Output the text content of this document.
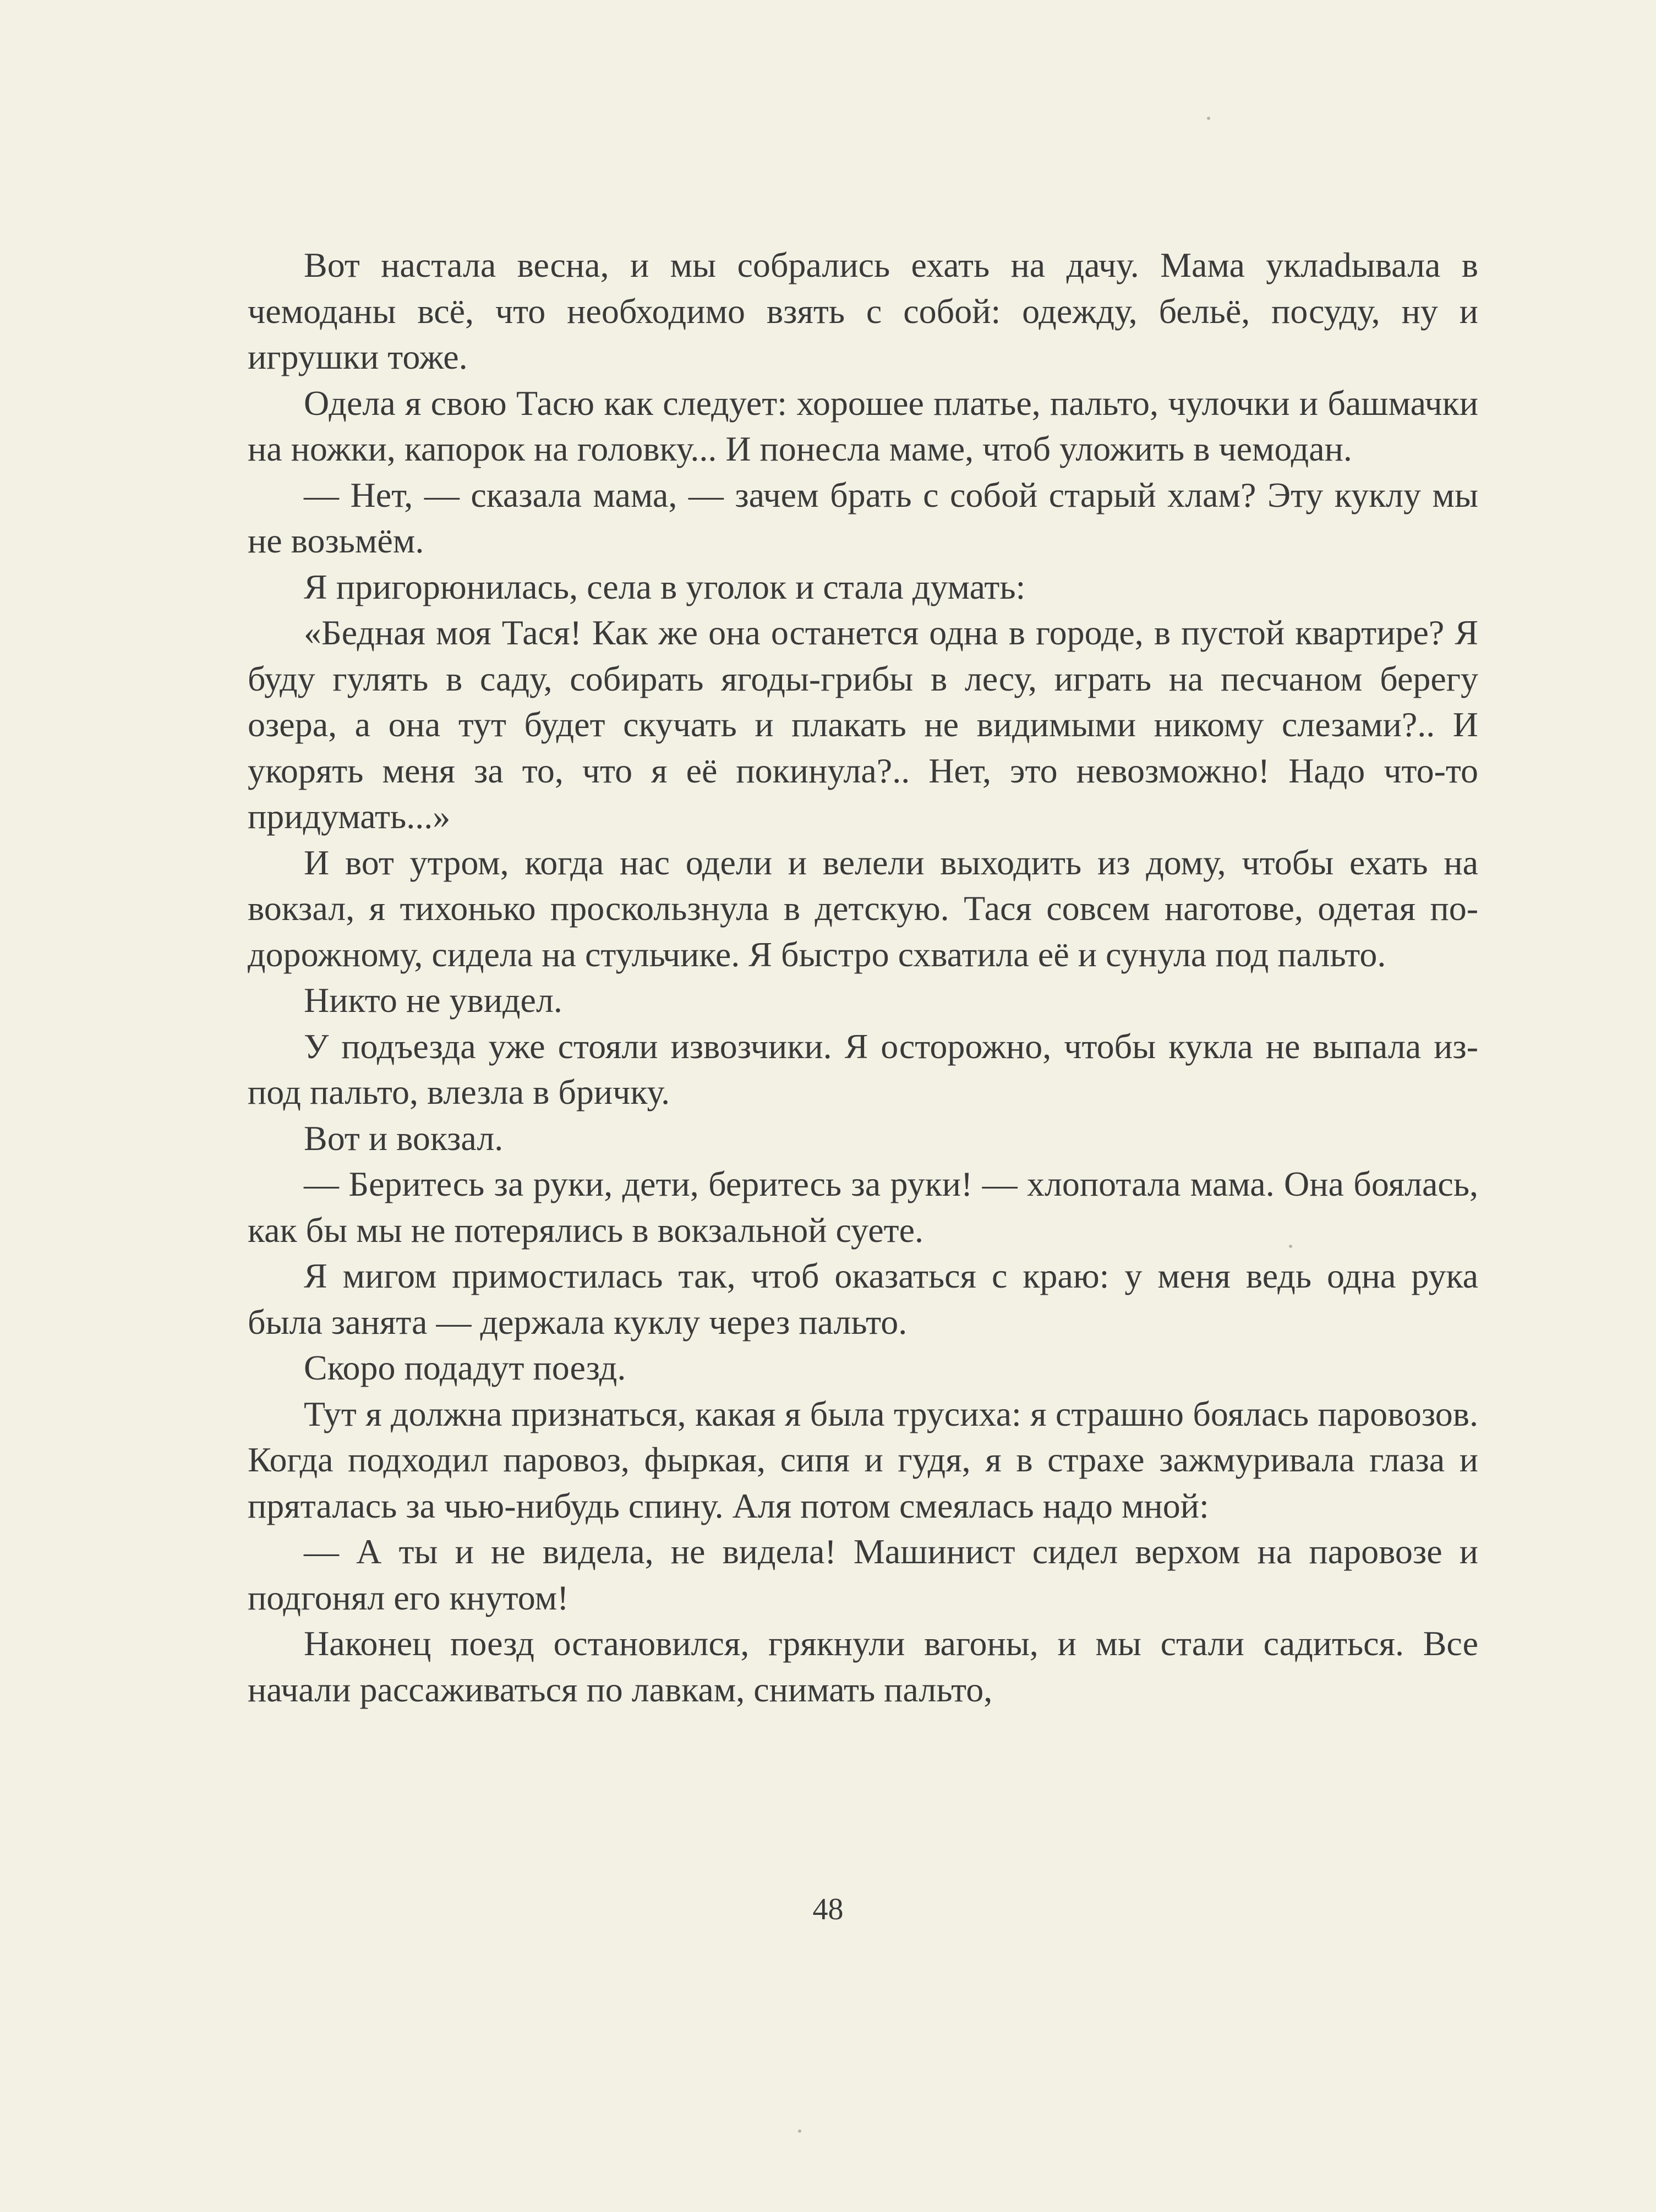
Вот настала весна, и мы собрались ехать на дачу. Мама уклаdывала в чемоданы всё, что необходимо взять с собой: одежду, бельё, посуду, ну и игрушки тоже.

Одела я свою Тасю как следует: хорошее платье, пальто, чулочки и башмачки на ножки, капорок на головку... И понесла маме, чтоб уложить в чемодан.

— Нет, — сказала мама, — зачем брать с собой старый хлам? Эту куклу мы не возьмём.

Я пригорюнилась, села в уголок и стала думать:

«Бедная моя Тася! Как же она останется одна в городе, в пустой квартире? Я буду гулять в саду, собирать ягоды-грибы в лесу, играть на песчаном берегу озера, а она тут будет скучать и плакать не видимыми никому слезами?.. И укорять меня за то, что я её покинула?.. Нет, это невозможно! Надо что-то придумать...»

И вот утром, когда нас одели и велели выходить из дому, чтобы ехать на вокзал, я тихонько проскользнула в детскую. Тася совсем наготове, одетая по-дорожному, сидела на стульчике. Я быстро схватила её и сунула под пальто.

Никто не увидел.

У подъезда уже стояли извозчики. Я осторожно, чтобы кукла не выпала из-под пальто, влезла в бричку.

Вот и вокзал.

— Беритесь за руки, дети, беритесь за руки! — хлопотала мама. Она боялась, как бы мы не потерялись в вокзальной суете.

Я мигом примостилась так, чтоб оказаться с краю: у меня ведь одна рука была занята — держала куклу через пальто.

Скоро подадут поезд.

Тут я должна признаться, какая я была трусиха: я страшно боялась паровозов. Когда подходил паровоз, фыркая, сипя и гудя, я в страхе зажмуривала глаза и пряталась за чью-нибудь спину. Аля потом смеялась надо мной:

— А ты и не видела, не видела! Машинист сидел верхом на паровозе и подгонял его кнутом!

Наконец поезд остановился, грякнули вагоны, и мы стали садиться. Все начали рассаживаться по лавкам, снимать пальто,

48
